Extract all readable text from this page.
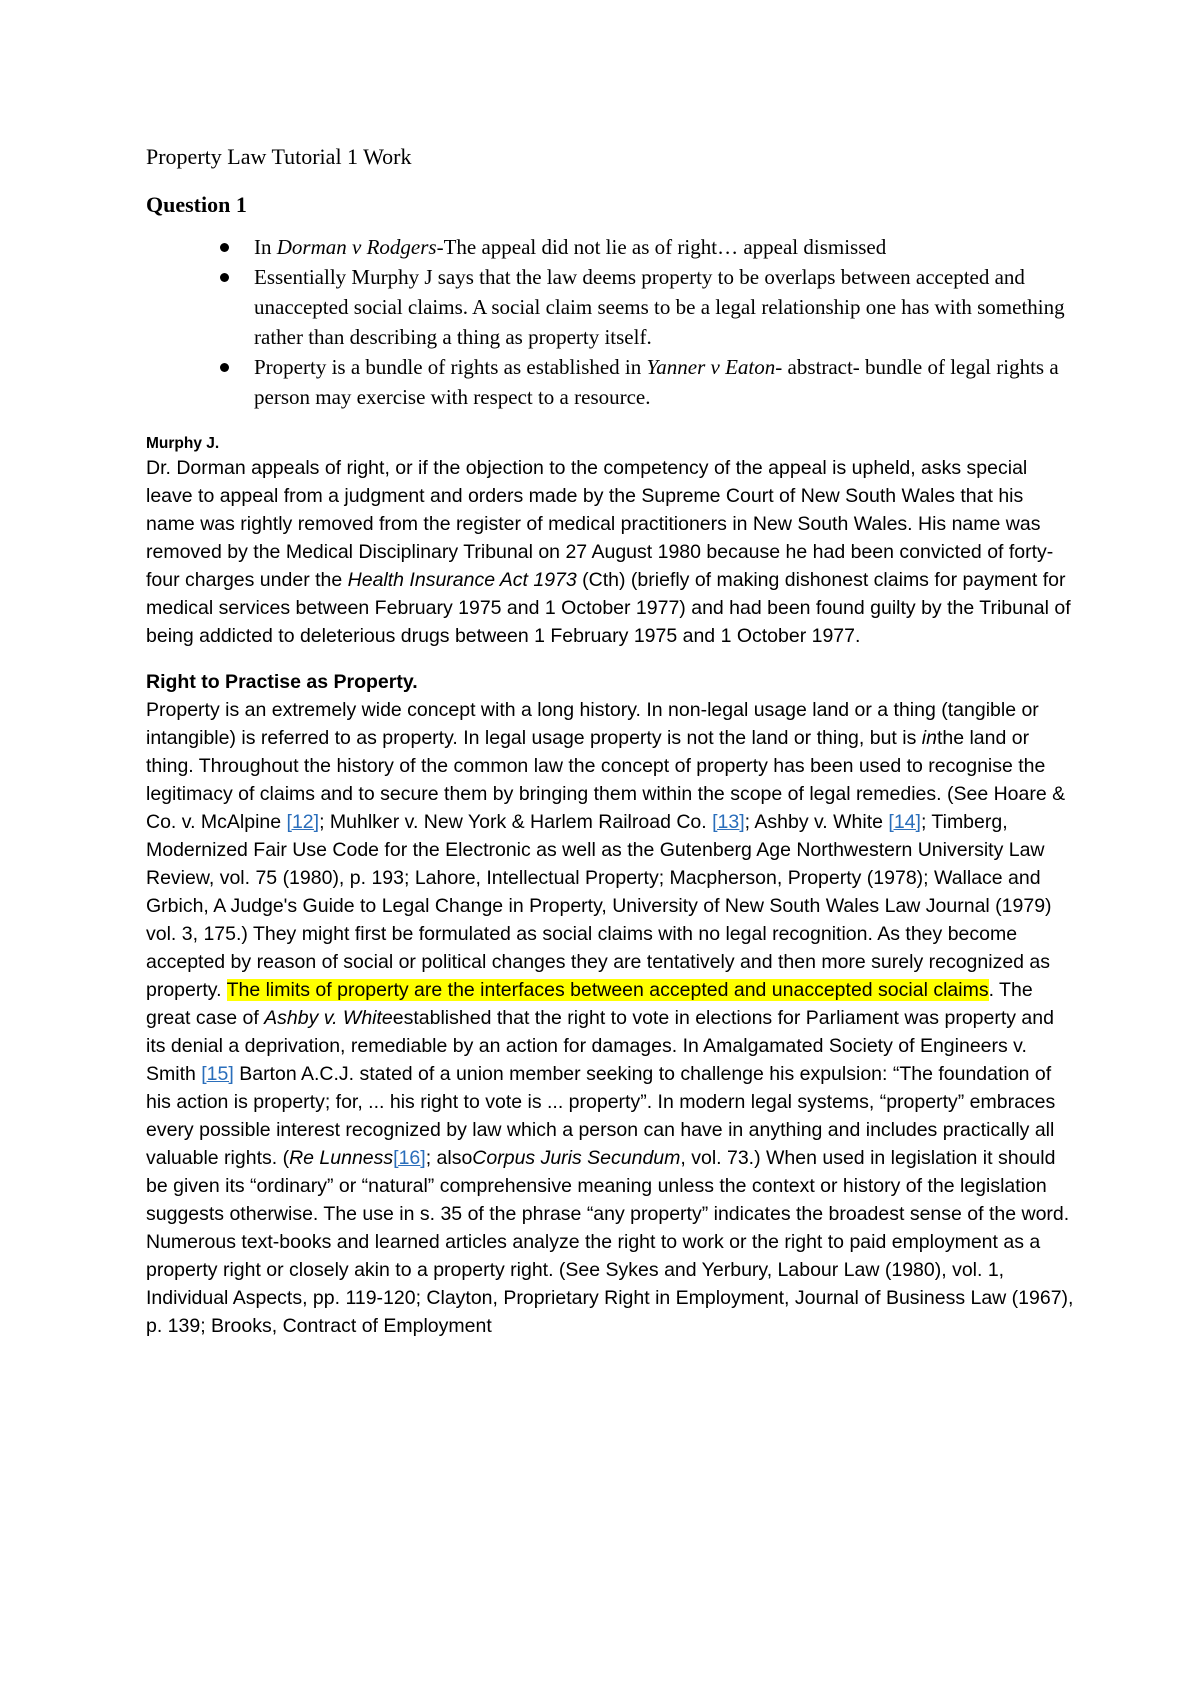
Property Law Tutorial 1 Work

Question 1

In Dorman v Rodgers-The appeal did not lie as of right… appeal dismissed
Essentially Murphy J says that the law deems property to be overlaps between accepted and unaccepted social claims. A social claim seems to be a legal relationship one has with something rather than describing a thing as property itself.
Property is a bundle of rights as established in Yanner v Eaton- abstract- bundle of legal rights a person may exercise with respect to a resource.

Murphy J.

Dr. Dorman appeals of right, or if the objection to the competency of the appeal is upheld, asks special leave to appeal from a judgment and orders made by the Supreme Court of New South Wales that his name was rightly removed from the register of medical practitioners in New South Wales. His name was removed by the Medical Disciplinary Tribunal on 27 August 1980 because he had been convicted of forty-four charges under the Health Insurance Act 1973 (Cth) (briefly of making dishonest claims for payment for medical services between February 1975 and 1 October 1977) and had been found guilty by the Tribunal of being addicted to deleterious drugs between 1 February 1975 and 1 October 1977.

Right to Practise as Property.

Property is an extremely wide concept with a long history. In non-legal usage land or a thing (tangible or intangible) is referred to as property. In legal usage property is not the land or thing, but is inthe land or thing. Throughout the history of the common law the concept of property has been used to recognise the legitimacy of claims and to secure them by bringing them within the scope of legal remedies. (See Hoare & Co. v. McAlpine [12]; Muhlker v. New York & Harlem Railroad Co. [13]; Ashby v. White [14]; Timberg, Modernized Fair Use Code for the Electronic as well as the Gutenberg Age Northwestern University Law Review, vol. 75 (1980), p. 193; Lahore, Intellectual Property; Macpherson, Property (1978); Wallace and Grbich, A Judge's Guide to Legal Change in Property, University of New South Wales Law Journal (1979) vol. 3, 175.) They might first be formulated as social claims with no legal recognition. As they become accepted by reason of social or political changes they are tentatively and then more surely recognized as property. The limits of property are the interfaces between accepted and unaccepted social claims. The great case of Ashby v. Whiteestablished that the right to vote in elections for Parliament was property and its denial a deprivation, remediable by an action for damages. In Amalgamated Society of Engineers v. Smith [15] Barton A.C.J. stated of a union member seeking to challenge his expulsion: “The foundation of his action is property; for, ... his right to vote is ... property”. In modern legal systems, “property” embraces every possible interest recognized by law which a person can have in anything and includes practically all valuable rights. (Re Lunness[16]; alsoCorpus Juris Secundum, vol. 73.) When used in legislation it should be given its “ordinary” or “natural” comprehensive meaning unless the context or history of the legislation suggests otherwise. The use in s. 35 of the phrase “any property” indicates the broadest sense of the word.

Numerous text-books and learned articles analyze the right to work or the right to paid employment as a property right or closely akin to a property right. (See Sykes and Yerbury, Labour Law (1980), vol. 1, Individual Aspects, pp. 119-120; Clayton, Proprietary Right in Employment, Journal of Business Law (1967), p. 139; Brooks, Contract of Employment
